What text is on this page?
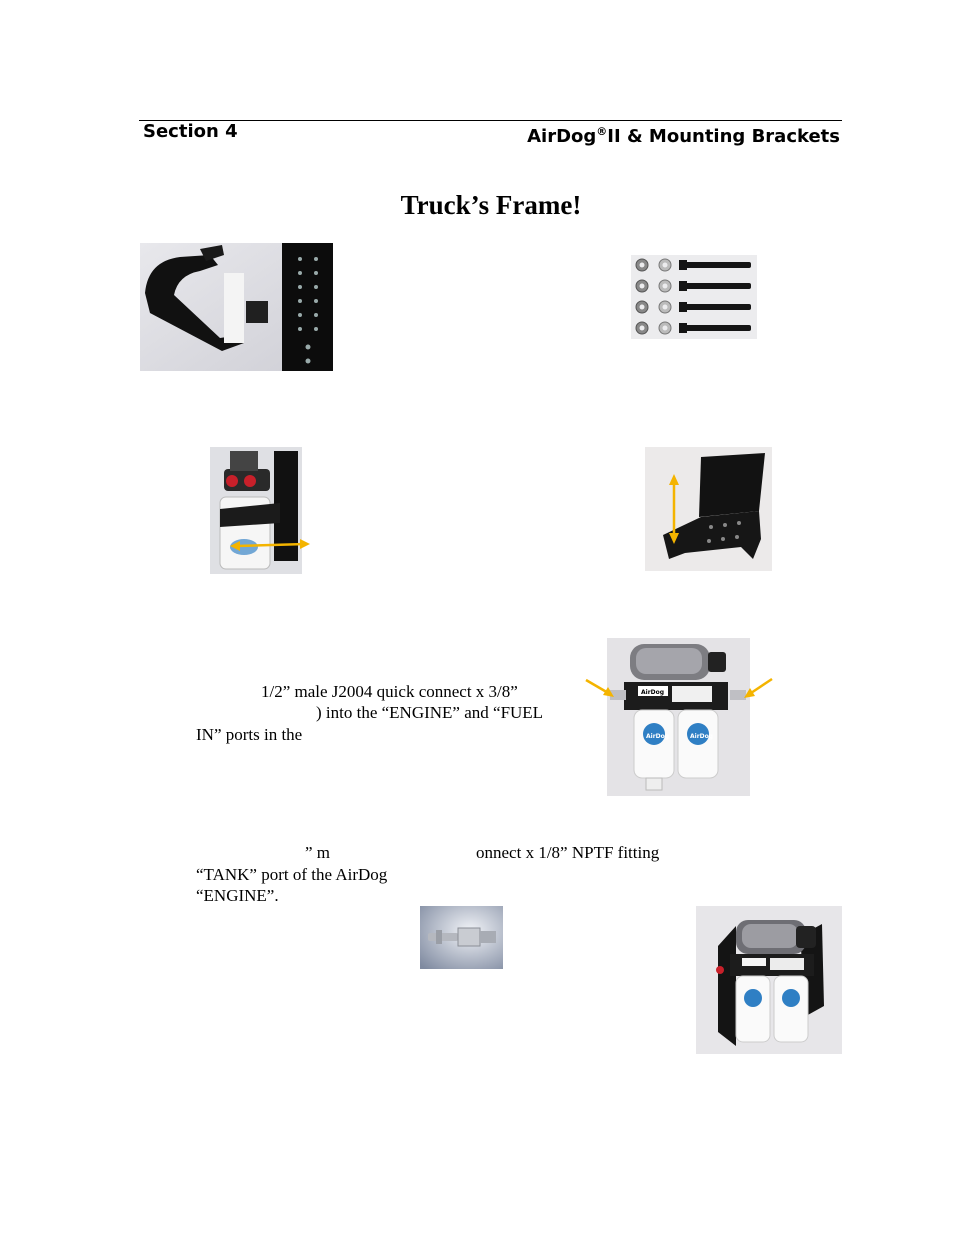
Section 4	AirDog®II & Mounting Brackets
Truck’s Frame!
1/2” male J2004 quick connect x 3/8”
) into the “ENGINE” and “FUEL
IN” ports in the
AirDog
AirDog	AirDog
” m	onnect x 1/8” NPTF fitting
“TANK” port of the AirDog
“ENGINE”.
